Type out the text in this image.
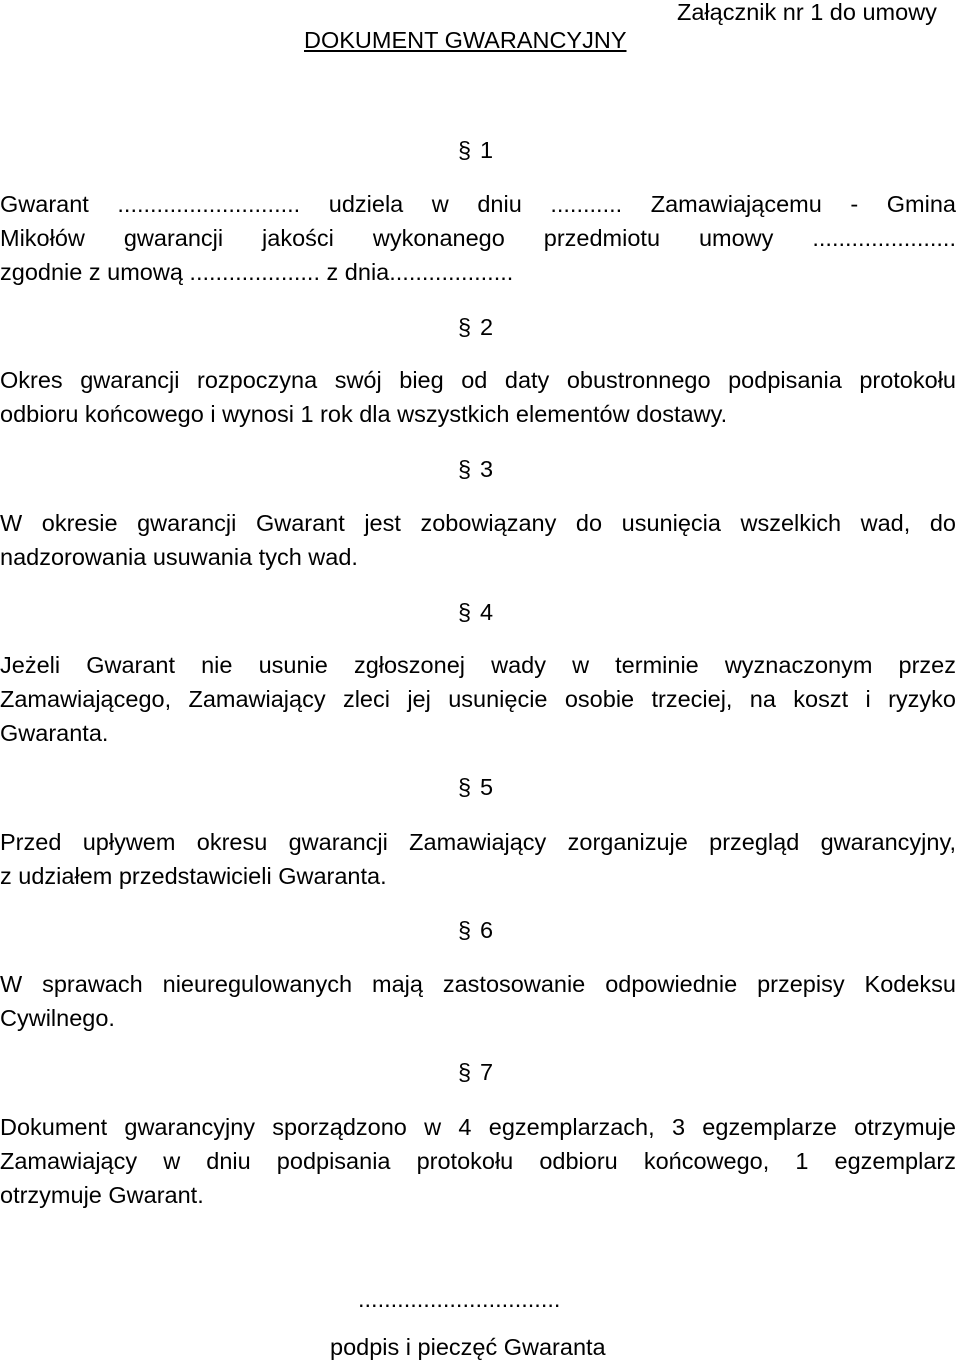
Załącznik nr 1 do umowy
DOKUMENT GWARANCYJNY
§ 1
Gwarant ............................ udziela w dniu ........... Zamawiającemu - Gmina
Mikołów gwarancji jakości wykonanego przedmiotu umowy ......................
zgodnie z umową .................... z dnia...................
§ 2
Okres gwarancji rozpoczyna swój bieg od daty obustronnego podpisania protokołu
odbioru końcowego i wynosi 1 rok dla wszystkich elementów dostawy.
§ 3
W okresie gwarancji Gwarant jest zobowiązany do usunięcia wszelkich wad, do
nadzorowania usuwania tych wad.
§ 4
Jeżeli Gwarant nie usunie zgłoszonej wady w terminie wyznaczonym przez
Zamawiającego, Zamawiający zleci jej usunięcie osobie trzeciej, na koszt i ryzyko
Gwaranta.
§ 5
Przed upływem okresu gwarancji Zamawiający zorganizuje przegląd gwarancyjny,
z udziałem przedstawicieli Gwaranta.
§ 6
W sprawach nieuregulowanych mają zastosowanie odpowiednie przepisy Kodeksu
Cywilnego.
§ 7
Dokument gwarancyjny sporządzono w 4 egzemplarzach, 3 egzemplarze otrzymuje
Zamawiający w dniu podpisania protokołu odbioru końcowego, 1 egzemplarz
otrzymuje Gwarant.
...............................
podpis i pieczęć Gwaranta
